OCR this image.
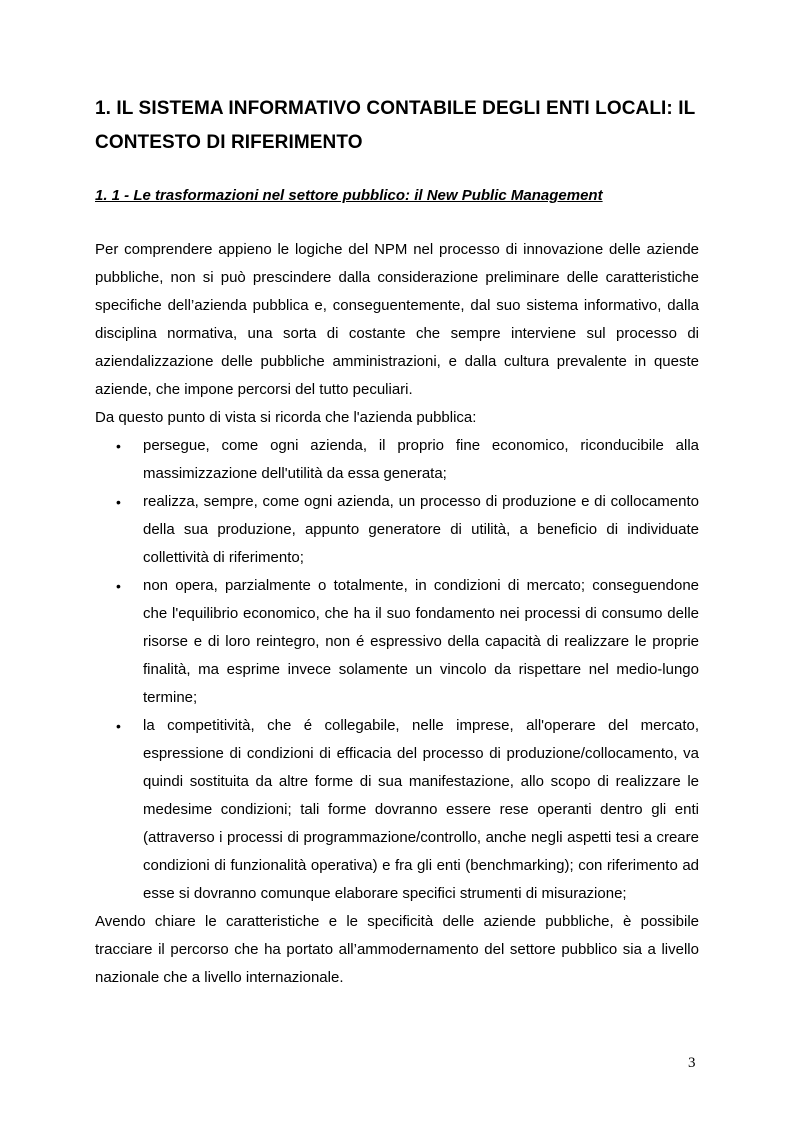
1. IL SISTEMA INFORMATIVO CONTABILE DEGLI ENTI LOCALI: IL CONTESTO DI RIFERIMENTO
1. 1 - Le trasformazioni nel settore pubblico: il New Public Management

Per comprendere appieno le logiche del NPM nel processo di innovazione delle aziende pubbliche, non si può prescindere dalla considerazione preliminare delle caratteristiche specifiche dell’azienda pubblica e, conseguentemente, dal suo sistema informativo, dalla disciplina normativa, una sorta di costante che sempre interviene sul processo di aziendalizzazione delle pubbliche amministrazioni, e dalla cultura prevalente in queste aziende, che impone percorsi del tutto peculiari.

Da questo punto di vista si ricorda che l'azienda pubblica:

• persegue, come ogni azienda, il proprio fine economico, riconducibile alla massimizzazione dell'utilità da essa generata;
• realizza, sempre, come ogni azienda, un processo di produzione e di collocamento della sua produzione, appunto generatore di utilità, a beneficio di individuate collettività di riferimento;
• non opera, parzialmente o totalmente, in condizioni di mercato; conseguendone che l'equilibrio economico, che ha il suo fondamento nei processi di consumo delle risorse e di loro reintegro, non é espressivo della capacità di realizzare le proprie finalità, ma esprime invece solamente un vincolo da rispettare nel medio-lungo termine;
• la competitività, che é collegabile, nelle imprese, all'operare del mercato, espressione di condizioni di efficacia del processo di produzione/collocamento, va quindi sostituita da altre forme di sua manifestazione, allo scopo di realizzare le medesime condizioni; tali forme dovranno essere rese operanti dentro gli enti (attraverso i processi di programmazione/controllo, anche negli aspetti tesi a creare condizioni di funzionalità operativa) e fra gli enti (benchmarking); con riferimento ad esse si dovranno comunque elaborare specifici strumenti di misurazione;

Avendo chiare le caratteristiche e le specificità delle aziende pubbliche, è possibile tracciare il percorso che ha portato all’ammodernamento del settore pubblico sia a livello nazionale che a livello internazionale.

3
